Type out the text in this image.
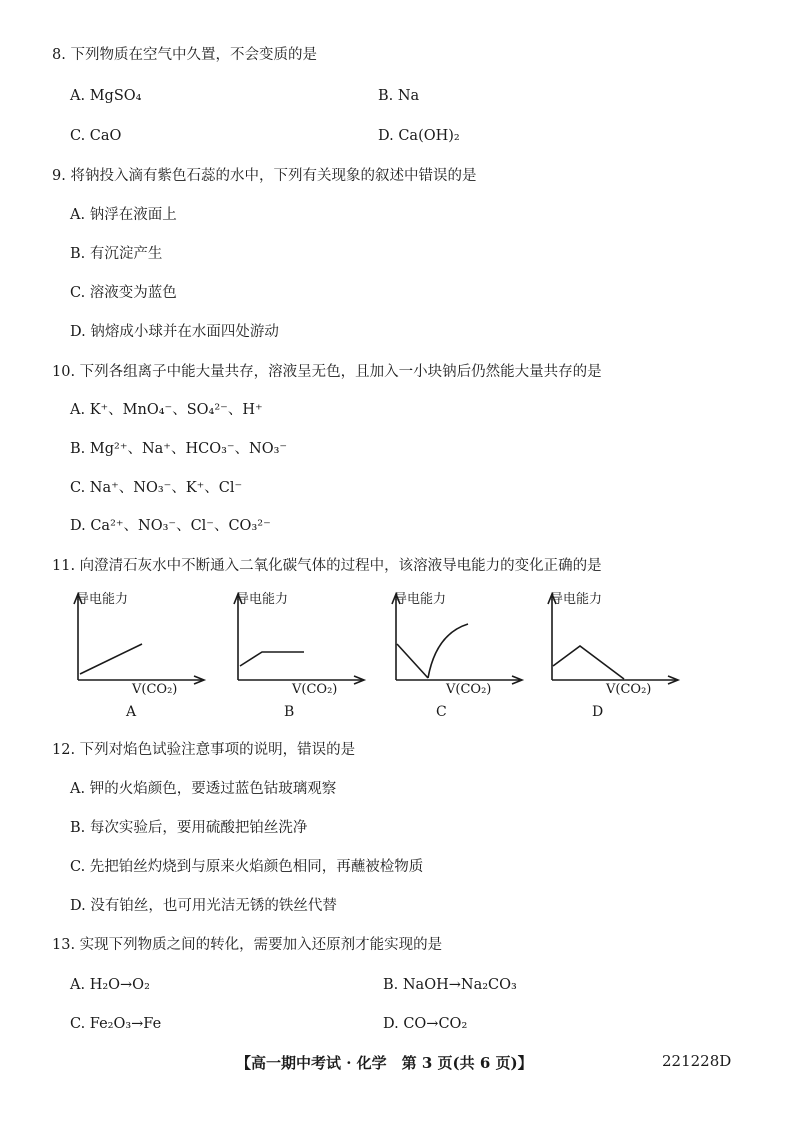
8. 下列物质在空气中久置，不会变质的是
A. MgSO₄	B. Na
C. CaO	D. Ca(OH)₂
9. 将钠投入滴有紫色石蕊的水中，下列有关现象的叙述中错误的是
A. 钠浮在液面上
B. 有沉淀产生
C. 溶液变为蓝色
D. 钠熔成小球并在水面四处游动
10. 下列各组离子中能大量共存，溶液呈无色，且加入一小块钠后仍然能大量共存的是
A. K⁺、MnO₄⁻、SO₄²⁻、H⁺
B. Mg²⁺、Na⁺、HCO₃⁻、NO₃⁻
C. Na⁺、NO₃⁻、K⁺、Cl⁻
D. Ca²⁺、NO₃⁻、Cl⁻、CO₃²⁻
11. 向澄清石灰水中不断通入二氧化碳气体的过程中，该溶液导电能力的变化正确的是
导电能力
V(CO₂)
A
导电能力
V(CO₂)
B
导电能力
V(CO₂)
C
导电能力
V(CO₂)
D
12. 下列对焰色试验注意事项的说明，错误的是
A. 钾的火焰颜色，要透过蓝色钴玻璃观察
B. 每次实验后，要用硫酸把铂丝洗净
C. 先把铂丝灼烧到与原来火焰颜色相同，再蘸被检物质
D. 没有铂丝，也可用光洁无锈的铁丝代替
13. 实现下列物质之间的转化，需要加入还原剂才能实现的是
A. H₂O→O₂	B. NaOH→Na₂CO₃
C. Fe₂O₃→Fe	D. CO→CO₂
【高一期中考试 · 化学　第 3 页(共 6 页)】	221228D
